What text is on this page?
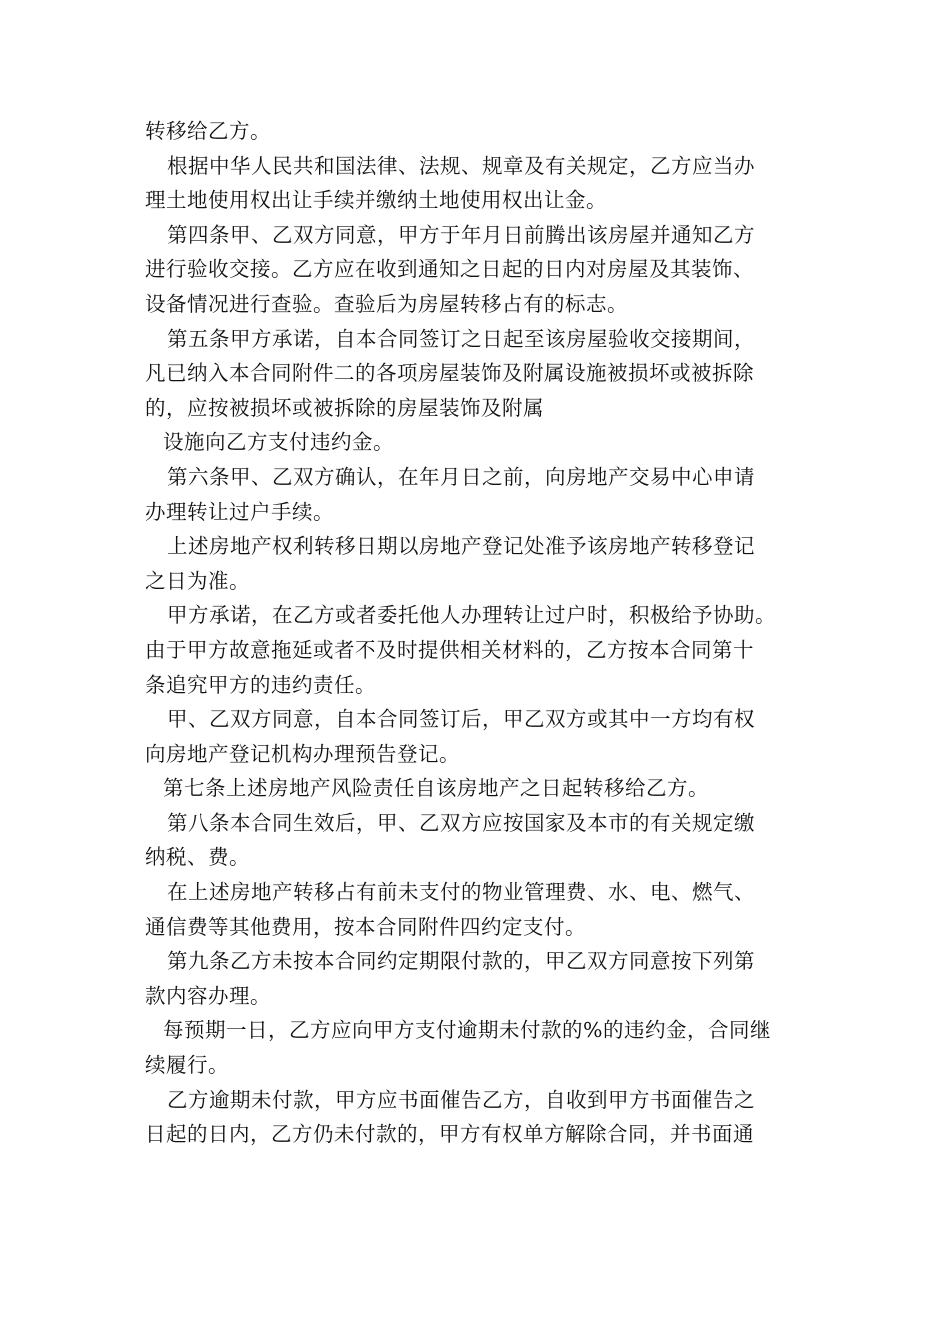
转移给乙方。
根据中华人民共和国法律、法规、规章及有关规定，乙方应当办
理土地使用权出让手续并缴纳土地使用权出让金。
第四条甲、乙双方同意，甲方于年月日前腾出该房屋并通知乙方
进行验收交接。乙方应在收到通知之日起的日内对房屋及其装饰、
设备情况进行查验。查验后为房屋转移占有的标志。
第五条甲方承诺，自本合同签订之日起至该房屋验收交接期间，
凡已纳入本合同附件二的各项房屋装饰及附属设施被损坏或被拆除
的，应按被损坏或被拆除的房屋装饰及附属
设施向乙方支付违约金。
第六条甲、乙双方确认，在年月日之前，向房地产交易中心申请
办理转让过户手续。
上述房地产权利转移日期以房地产登记处准予该房地产转移登记
之日为准。
甲方承诺，在乙方或者委托他人办理转让过户时，积极给予协助。
由于甲方故意拖延或者不及时提供相关材料的，乙方按本合同第十
条追究甲方的违约责任。
甲、乙双方同意，自本合同签订后，甲乙双方或其中一方均有权
向房地产登记机构办理预告登记。
第七条上述房地产风险责任自该房地产之日起转移给乙方。
第八条本合同生效后，甲、乙双方应按国家及本市的有关规定缴
纳税、费。
在上述房地产转移占有前未支付的物业管理费、水、电、燃气、
通信费等其他费用，按本合同附件四约定支付。
第九条乙方未按本合同约定期限付款的，甲乙双方同意按下列第
款内容办理。
每预期一日，乙方应向甲方支付逾期未付款的%的违约金，合同继
续履行。
乙方逾期未付款，甲方应书面催告乙方，自收到甲方书面催告之
日起的日内，乙方仍未付款的，甲方有权单方解除合同，并书面通
